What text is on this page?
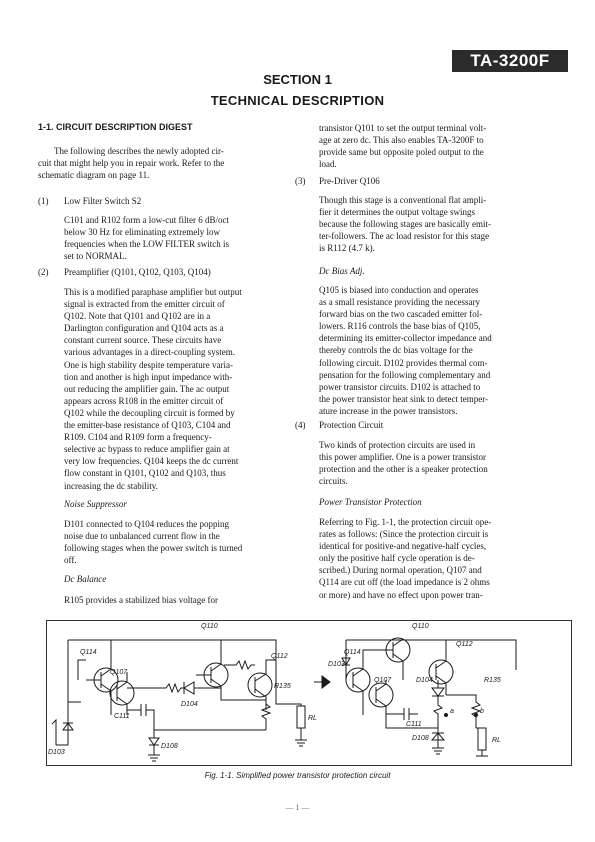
TA-3200F
SECTION 1
TECHNICAL DESCRIPTION
1-1. CIRCUIT DESCRIPTION DIGEST
The following describes the newly adopted cir-
cuit that might help you in repair work. Refer to the
schematic diagram on page 11.
(1) Low Filter Switch S2
C101 and R102 form a low-cut filter 6 dB/oct
below 30 Hz for eliminating extremely low
frequencies when the LOW FILTER switch is
set to NORMAL.
(2) Preamplifier (Q101, Q102, Q103, Q104)
This is a modified paraphase amplifier but output
signal is extracted from the emitter circuit of
Q102. Note that Q101 and Q102 are in a
Darlington configuration and Q104 acts as a
constant current source. These circuits have
various advantages in a direct-coupling system.
One is high stability despite temperature varia-
tion and another is high input impedance with-
out reducing the amplifier gain. The ac output
appears across R108 in the emitter circuit of
Q102 while the decoupling circuit is formed by
the emitter-base resistance of Q103, C104 and
R109. C104 and R109 form a frequency-
selective ac bypass to reduce amplifier gain at
very low frequencies. Q104 keeps the dc current
flow constant in Q101, Q102 and Q103, thus
increasing the dc stability.
Noise Suppressor
D101 connected to Q104 reduces the popping
noise due to unbalanced current flow in the
following stages when the power switch is turned
off.
Dc Balance
R105 provides a stabilized bias voltage for
transistor Q101 to set the output terminal volt-
age at zero dc. This also enables TA-3200F to
provide same but opposite poled output to the
load.
(3) Pre-Driver Q106
Though this stage is a conventional flat ampli-
fier it determines the output voltage swings
because the following stages are basically emit-
ter-followers. The ac load resistor for this stage
is R112 (4.7 k).
Dc Bias Adj.
Q105 is biased into conduction and operates
as a small resistance providing the necessary
forward bias on the two cascaded emitter fol-
lowers. R116 controls the base bias of Q105,
determining its emitter-collector impedance and
thereby controls the dc bias voltage for the
following circuit. D102 provides thermal com-
pensation for the following complementary and
power transistor circuits. D102 is attached to
the power transistor heat sink to detect temper-
ature increase in the power transistors.
(4) Protection Circuit
Two kinds of protection circuits are used in
this power amplifier. One is a power transistor
protection and the other is a speaker protection
circuits.
Power Transistor Protection
Referring to Fig. 1-1, the protection circuit ope-
rates as follows: (Since the protection circuit is
identical for positive-and negative-half cycles,
only the positive half cycle operation is de-
scribed.) During normal operation, Q107 and
Q114 are cut off (the load impedance is 2 ohms
or more) and have no effect upon power tran-
Q110
Q112
Q114
Q107
C111
D104
R135
RL
D108
D103
Q110
Q112
Q114
Q107
C111
D104	R135
RL
D108
D103
a	b
Fig. 1-1. Simplified power transistor protection circuit
— 1 —
